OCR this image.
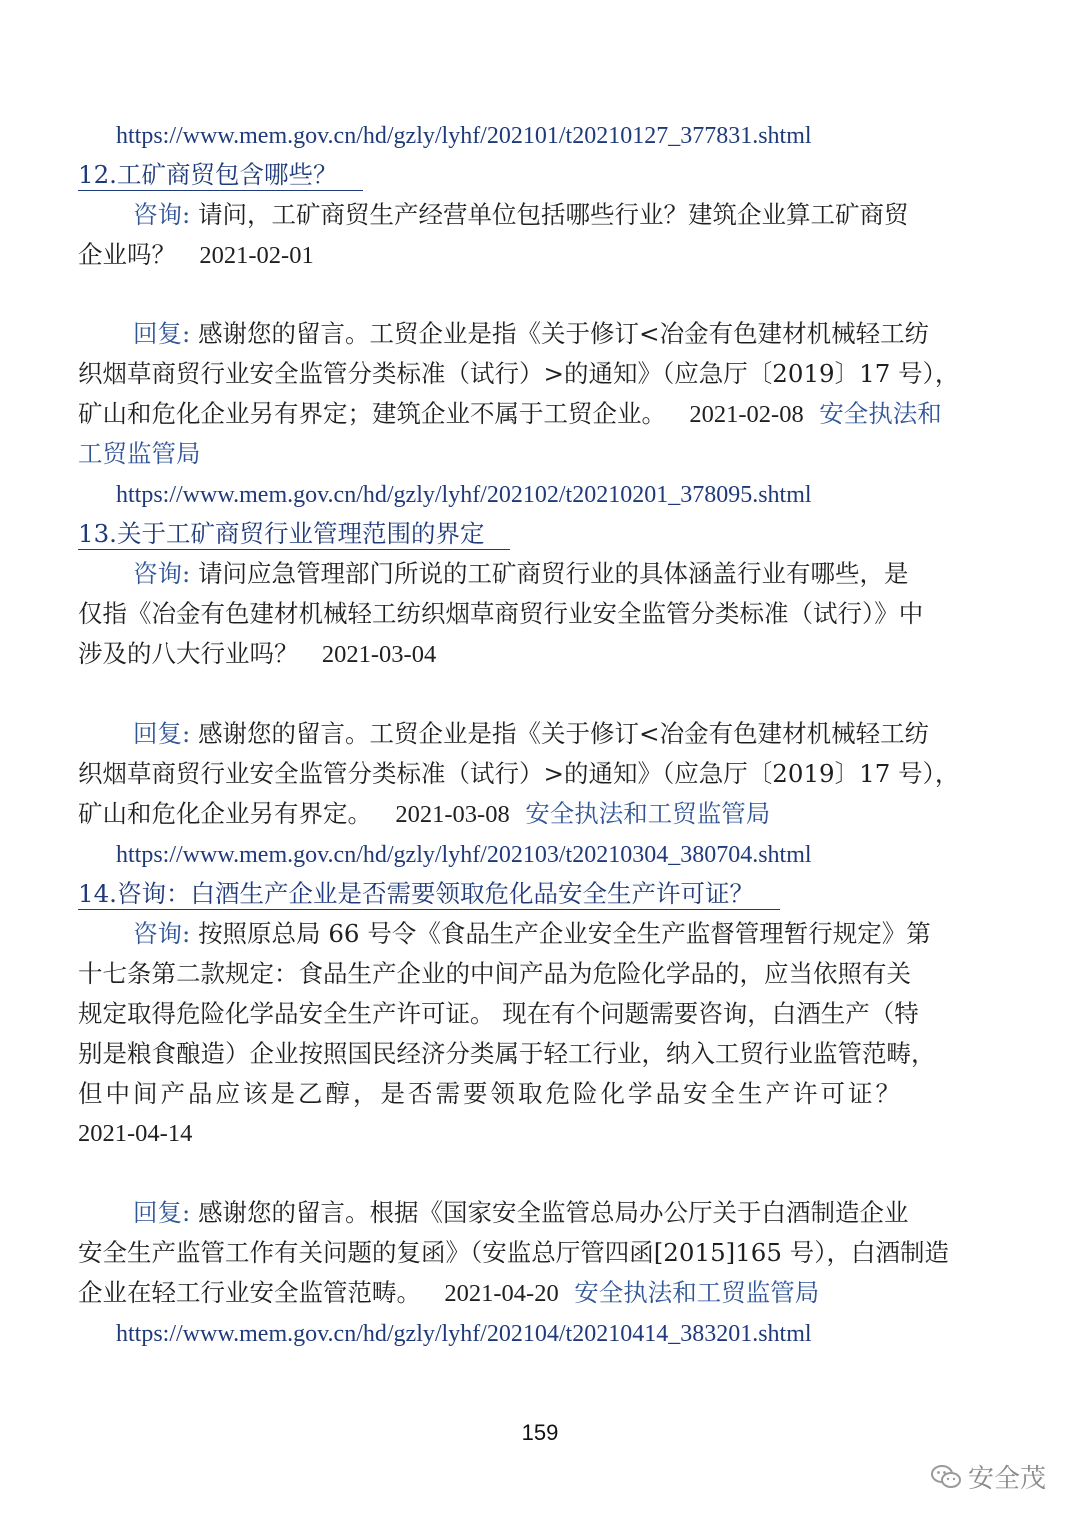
https://www.mem.gov.cn/hd/gzly/lyhf/202101/t20210127_377831.shtml
12.工矿商贸包含哪些？
咨询: 请问，工矿商贸生产经营单位包括哪些行业？建筑企业算工矿商贸
企业吗？ 2021-02-01
回复: 感谢您的留言。工贸企业是指《关于修订<冶金有色建材机械轻工纺
织烟草商贸行业安全监管分类标准（试行）>的通知》（应急厅〔2019〕17 号），
矿山和危化企业另有界定；建筑企业不属于工贸企业。 2021-02-08 安全执法和
工贸监管局
https://www.mem.gov.cn/hd/gzly/lyhf/202102/t20210201_378095.shtml
13.关于工矿商贸行业管理范围的界定
咨询: 请问应急管理部门所说的工矿商贸行业的具体涵盖行业有哪些，是
仅指《冶金有色建材机械轻工纺织烟草商贸行业安全监管分类标准（试行）》中
涉及的八大行业吗？ 2021-03-04
回复: 感谢您的留言。工贸企业是指《关于修订<冶金有色建材机械轻工纺
织烟草商贸行业安全监管分类标准（试行）>的通知》（应急厅〔2019〕17 号），
矿山和危化企业另有界定。 2021-03-08 安全执法和工贸监管局
https://www.mem.gov.cn/hd/gzly/lyhf/202103/t20210304_380704.shtml
14.咨询：白酒生产企业是否需要领取危化品安全生产许可证？
咨询: 按照原总局 66 号令《食品生产企业安全生产监督管理暂行规定》第
十七条第二款规定：食品生产企业的中间产品为危险化学品的，应当依照有关
规定取得危险化学品安全生产许可证。 现在有个问题需要咨询，白酒生产（特
别是粮食酿造）企业按照国民经济分类属于轻工行业，纳入工贸行业监管范畴，
但中间产品应该是乙醇，是否需要领取危险化学品安全生产许可证？
2021-04-14
回复: 感谢您的留言。根据《国家安全监管总局办公厅关于白酒制造企业
安全生产监管工作有关问题的复函》（安监总厅管四函[2015]165 号），白酒制造
企业在轻工行业安全监管范畴。 2021-04-20 安全执法和工贸监管局
https://www.mem.gov.cn/hd/gzly/lyhf/202104/t20210414_383201.shtml
159
安全茂
